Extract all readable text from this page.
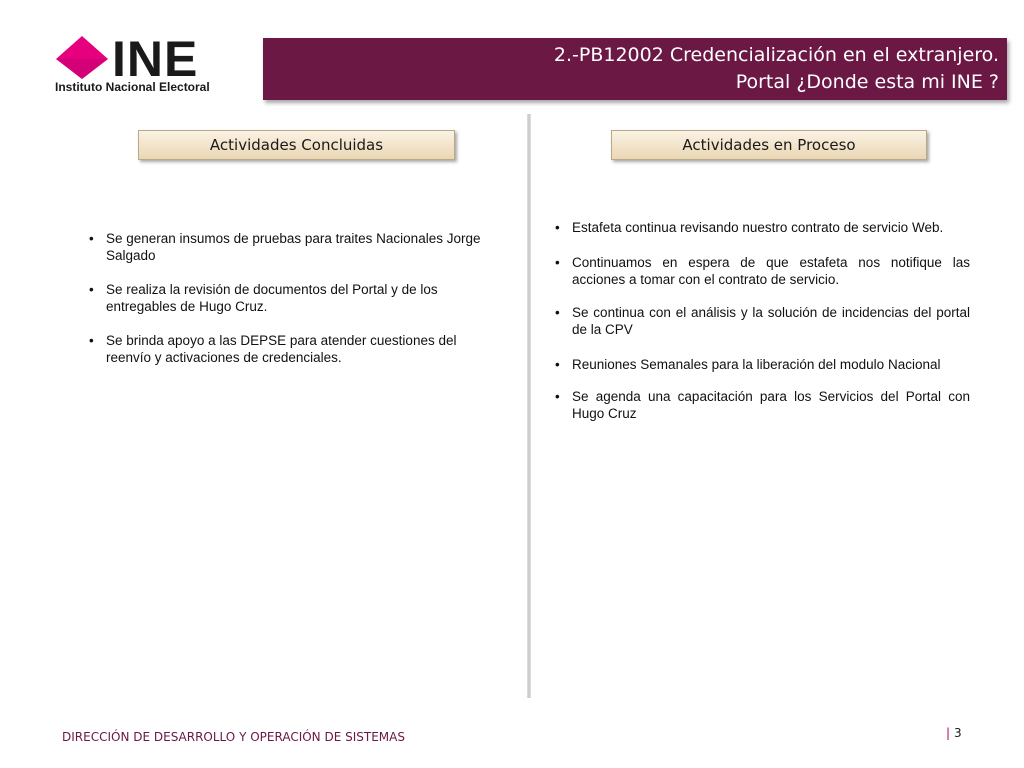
INE
Instituto Nacional Electoral
2.-PB12002 Credencialización en el extranjero.
Portal ¿Donde esta mi INE ?
Actividades Concluidas	Actividades en Proceso
• Se generan insumos de pruebas para traites Nacionales Jorge Salgado
• Se realiza la revisión de documentos del Portal y de los entregables de Hugo Cruz.
• Se brinda apoyo a las DEPSE para atender cuestiones del reenvío y activaciones de credenciales.
• Estafeta continua revisando nuestro contrato de servicio Web.
• Continuamos en espera de que estafeta nos notifique las acciones a tomar con el contrato de servicio.
• Se continua con el análisis y la solución de incidencias del portal de la CPV
• Reuniones Semanales para la liberación del modulo Nacional
• Se agenda una capacitación para los Servicios del Portal con Hugo Cruz
DIRECCIÓN DE DESARROLLO Y OPERACIÓN DE SISTEMAS	| 3
